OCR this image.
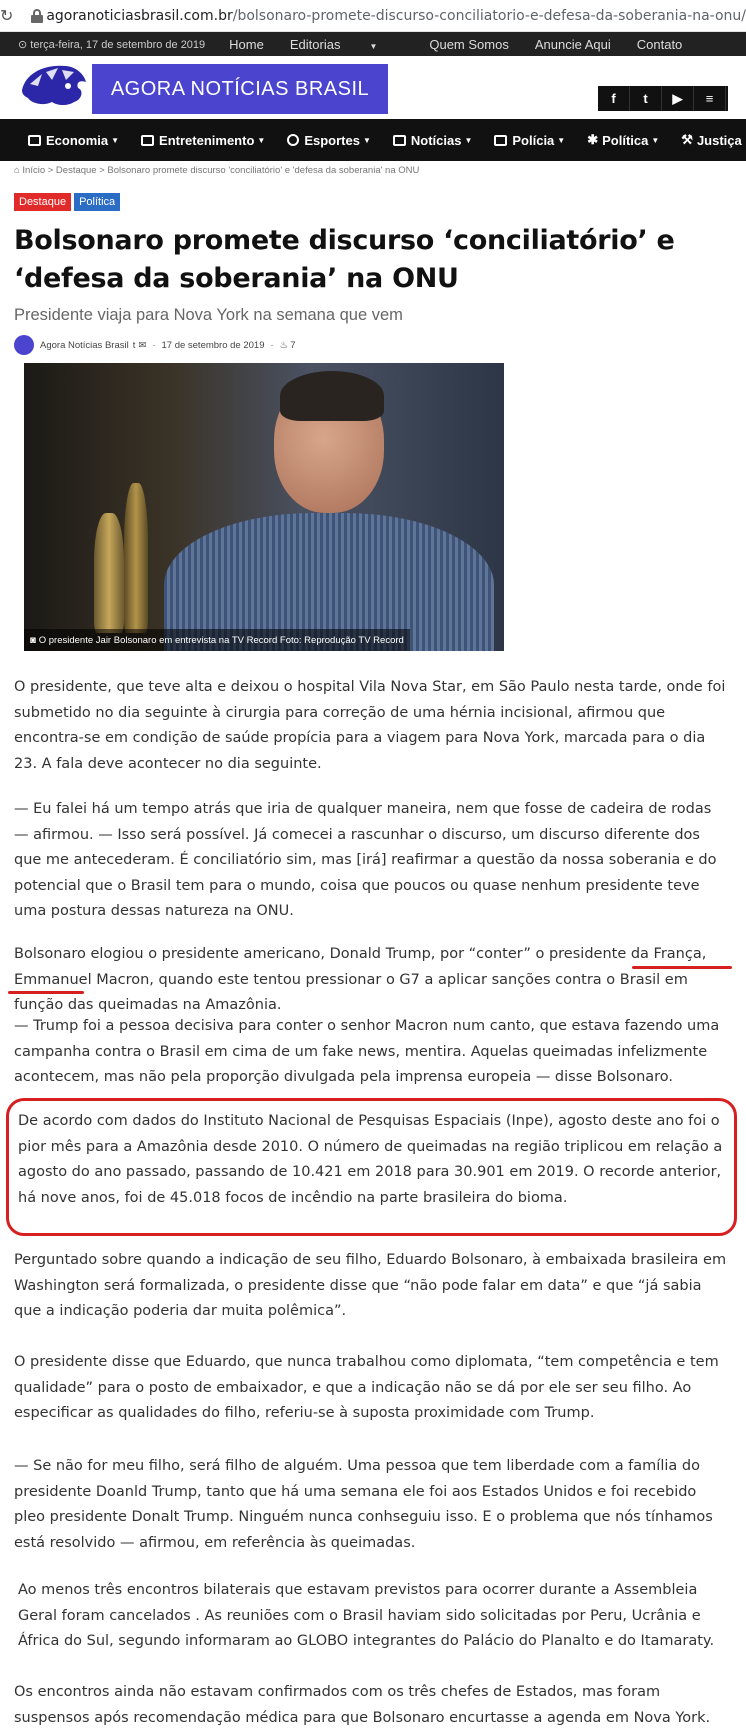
↻ agoranoticiasbrasil.com.br/bolsonaro-promete-discurso-conciliatorio-e-defesa-da-soberania-na-onu/
⊙ terça-feira, 17 de setembro de 2019 Home Editorias	▼	Quem Somos Anuncie Aqui Contato
AGORA NOTÍCIAS BRASIL	f	t	▶	≡
Economia ▼	Entretenimento ▼	Esportes ▼	Notícias ▼	Polícia ▼ ✱ Política ▼ ⚒ Justiça
⌂ Início > Destaque > Bolsonaro promete discurso 'conciliatório' e 'defesa da soberania' na ONU
Destaque	Política
Bolsonaro promete discurso ‘conciliatório’ e ‘defesa da soberania’ na ONU
Presidente viaja para Nova York na semana que vem
Agora Notícias Brasil t ✉ - 17 de setembro de 2019 - ♨ 7
◙ O presidente Jair Bolsonaro em entrevista na TV Record Foto: Reprodução TV Record

O presidente, que teve alta e deixou o hospital Vila Nova Star, em São Paulo nesta tarde, onde foi submetido no dia seguinte à cirurgia para correção de uma hérnia incisional, afirmou que encontra-se em condição de saúde propícia para a viagem para Nova York, marcada para o dia 23. A fala deve acontecer no dia seguinte.

— Eu falei há um tempo atrás que iria de qualquer maneira, nem que fosse de cadeira de rodas — afirmou. — Isso será possível. Já comecei a rascunhar o discurso, um discurso diferente dos que me antecederam. É conciliatório sim, mas [irá] reafirmar a questão da nossa soberania e do potencial que o Brasil tem para o mundo, coisa que poucos ou quase nenhum presidente teve uma postura dessas natureza na ONU.

Bolsonaro elogiou o presidente americano, Donald Trump, por “conter” o presidente da França, Emmanuel Macron, quando este tentou pressionar o G7 a aplicar sanções contra o Brasil em função das queimadas na Amazônia.

— Trump foi a pessoa decisiva para conter o senhor Macron num canto, que estava fazendo uma campanha contra o Brasil em cima de um fake news, mentira. Aquelas queimadas infelizmente acontecem, mas não pela proporção divulgada pela imprensa europeia — disse Bolsonaro.

De acordo com dados do Instituto Nacional de Pesquisas Espaciais (Inpe), agosto deste ano foi o pior mês para a Amazônia desde 2010. O número de queimadas na região triplicou em relação a agosto do ano passado, passando de 10.421 em 2018 para 30.901 em 2019. O recorde anterior, há nove anos, foi de 45.018 focos de incêndio na parte brasileira do bioma.

Perguntado sobre quando a indicação de seu filho, Eduardo Bolsonaro, à embaixada brasileira em Washington será formalizada, o presidente disse que “não pode falar em data” e que “já sabia que a indicação poderia dar muita polêmica”.

O presidente disse que Eduardo, que nunca trabalhou como diplomata, “tem competência e tem qualidade” para o posto de embaixador, e que a indicação não se dá por ele ser seu filho. Ao especificar as qualidades do filho, referiu-se à suposta proximidade com Trump.

— Se não for meu filho, será filho de alguém. Uma pessoa que tem liberdade com a família do presidente Doanld Trump, tanto que há uma semana ele foi aos Estados Unidos e foi recebido pleo presidente Donalt Trump. Ninguém nunca conhseguiu isso. E o problema que nós tínhamos está resolvido — afirmou, em referência às queimadas.

Ao menos três encontros bilaterais que estavam previstos para ocorrer durante a Assembleia Geral foram cancelados . As reuniões com o Brasil haviam sido solicitadas por Peru, Ucrânia e África do Sul, segundo informaram ao GLOBO integrantes do Palácio do Planalto e do Itamaraty.

Os encontros ainda não estavam confirmados com os três chefes de Estados, mas foram suspensos após recomendação médica para que Bolsonaro encurtasse a agenda em Nova York.
